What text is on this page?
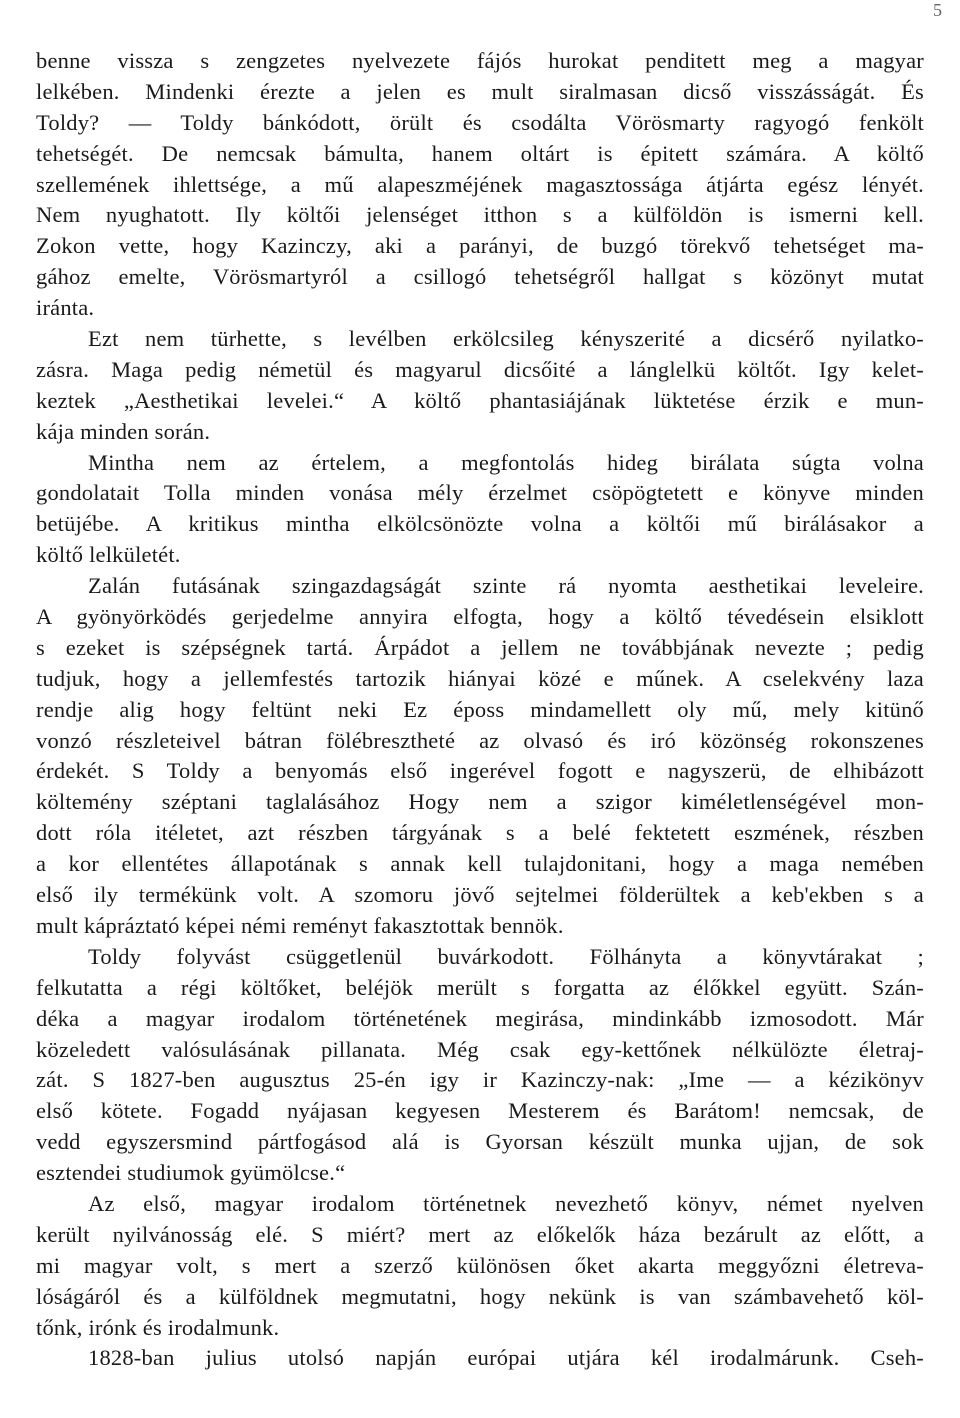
5
benne vissza s zengzetes nyelvezete fájós hurokat penditett meg a magyar
lelkében. Mindenki érezte a jelen es mult siralmasan dicső visszásságát. És
Toldy? — Toldy bánkódott, örült és csodálta Vörösmarty ragyogó fenkölt
tehetségét. De nemcsak bámulta, hanem oltárt is épitett számára. A költő
szellemének ihlettsége, a mű alapeszméjének magasztossága átjárta egész lényét.
Nem nyughatott. Ily költői jelenséget itthon s a külföldön is ismerni kell.
Zokon vette, hogy Kazinczy, aki a parányi, de buzgó törekvő tehetséget ma-
gához emelte, Vörösmartyról a csillogó tehetségről hallgat s közönyt mutat
iránta.
Ezt nem türhette, s levélben erkölcsileg kényszerité a dicsérő nyilatko-
zásra. Maga pedig németül és magyarul dicsőité a lánglelkü költőt. Igy kelet-
keztek „Aesthetikai levelei.“ A költő phantasiájának lüktetése érzik e mun-
kája minden során.
Mintha nem az értelem, a megfontolás hideg birálata súgta volna
gondolatait Tolla minden vonása mély érzelmet csöpögtetett e könyve minden
betüjébe. A kritikus mintha elkölcsönözte volna a költői mű birálásakor a
költő lelkületét.
Zalán futásának szingazdagságát szinte rá nyomta aesthetikai leveleire.
A gyönyörködés gerjedelme annyira elfogta, hogy a költő tévedésein elsiklott
s ezeket is szépségnek tartá. Árpádot a jellem ne továbbjának nevezte ; pedig
tudjuk, hogy a jellemfestés tartozik hiányai közé e műnek. A cselekvény laza
rendje alig hogy feltünt neki Ez époss mindamellett oly mű, mely kitünő
vonzó részleteivel bátran fölébresztheté az olvasó és iró közönség rokonszenes
érdekét. S Toldy a benyomás első ingerével fogott e nagyszerü, de elhibázott
költemény széptani taglalásához Hogy nem a szigor kiméletlenségével mon-
dott róla itéletet, azt részben tárgyának s a belé fektetett eszmének, részben
a kor ellentétes állapotának s annak kell tulajdonitani, hogy a maga nemében
első ily termékünk volt. A szomoru jövő sejtelmei földerültek a keb'ekben s a
mult kápráztató képei némi reményt fakasztottak bennök.
Toldy folyvást csüggetlenül buvárkodott. Fölhányta a könyvtárakat ;
felkutatta a régi költőket, beléjök merült s forgatta az élőkkel együtt. Szán-
déka a magyar irodalom történetének megirása, mindinkább izmosodott. Már
közeledett valósulásának pillanata. Még csak egy-kettőnek nélkülözte életraj-
zát. S 1827-ben augusztus 25-én igy ir Kazinczy-nak: „Ime — a kézikönyv
első kötete. Fogadd nyájasan kegyesen Mesterem és Barátom! nemcsak, de
vedd egyszersmind pártfogásod alá is Gyorsan készült munka ujjan, de sok
esztendei studiumok gyümölcse.“
Az első, magyar irodalom történetnek nevezhető könyv, német nyelven
került nyilvánosság elé. S miért? mert az előkelők háza bezárult az előtt, a
mi magyar volt, s mert a szerző különösen őket akarta meggyőzni életreva-
lóságáról és a külföldnek megmutatni, hogy nekünk is van számbavehető köl-
tőnk, irónk és irodalmunk.
1828-ban julius utolsó napján európai utjára kél irodalmárunk. Cseh-
